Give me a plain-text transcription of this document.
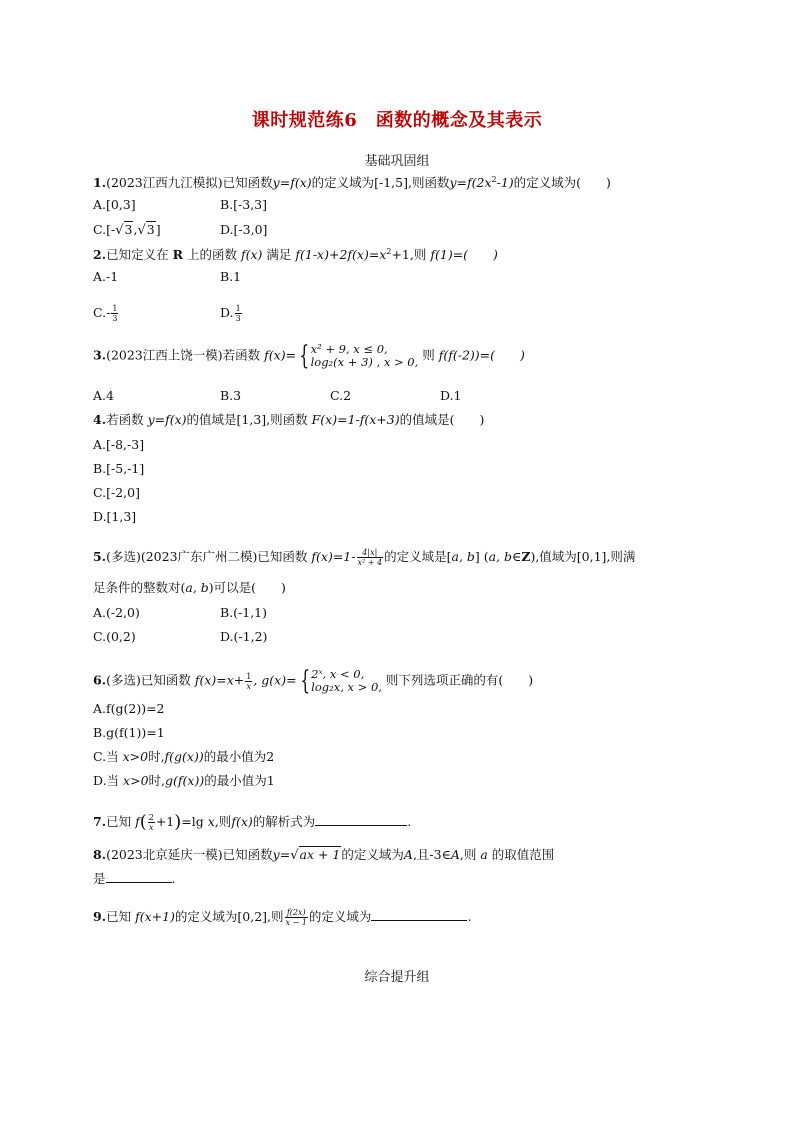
课时规范练6　函数的概念及其表示
基础巩固组
1.(2023江西九江模拟)已知函数y=f(x)的定义域为[-1,5],则函数$y=f(2x^2-1)$的定义域为(　　)
A.[0,3]	B.[-3,3]
C.[-√3,√3]	D.[-3,0]
2.已知定义在 R 上的函数 f(x) 满足 $f(1-x)+2f(x)=x^2+1$,则 f(1)=(　　)
A.-1	B.1
$C.- \frac{1}{3}$	D. $\frac{1}{3}$
3.(2023江西上饶一模)若函数 f(x)= { x² + 9, x ≤ 0,
log₂(x + 3) , x > 0, 则 f(f(-2))=(　　)
A.4	B.3	C.2	D.1
4.若函数 y=f(x)的值域是[1,3],则函数 F(x)=1-f(x+3)的值域是(　　)
A.[-8,-3]
B.[-5,-1]
C.[-2,0]
D.[1,3]
5.(多选)(2023广东广州二模)已知函数 $f(x)=1- \frac{4|x|}{\text{x² + 4}}$ 的定义域是[a, b] (a, b∈Z),值域为[0,1],则满
足条件的整数对(a, b)可以是(　　)
A.(-2,0)	B.(-1,1)
C.(0,2)	D.(-1,2)
6.(多选)已知函数 $f(x)=x+ \frac{1}{x}$ , g(x)= { 2ˣ, x < 0,
log₂x, x > 0, 则下列选项正确的有(　　)
A.f(g(2))=2
B.g(f(1))=1
C.当 x>0时,f(g(x))的最小值为2
D.当 x>0时,g(f(x))的最小值为1
7.已知 $f( \frac{2}{x} +1)=\lg$ x,则f(x)的解析式为	.
8.(2023北京延庆一模)已知函数y=√ax + 1的定义域为A,且-3∈A,则 a 的取值范围
是	.
9.已知 f(x+1)的定义域为[0,2],则 $\frac{f(2x)}{x - 1}$ 的定义域为	.
综合提升组
